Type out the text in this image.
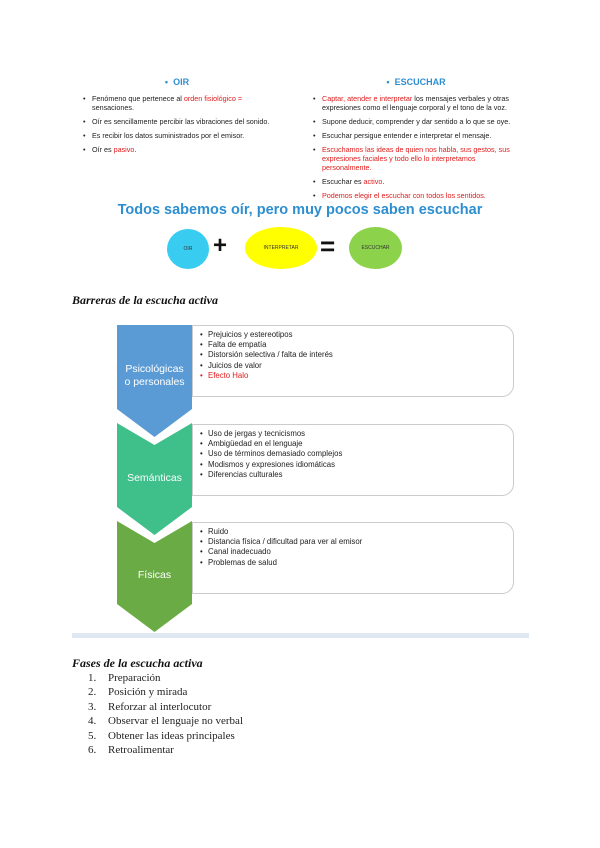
• OIR
• Fenómeno que pertenece al orden fisiológico = sensaciones.
• Oír es sencillamente percibir las vibraciones del sonido.
• Es recibir los datos suministrados por el emisor.
• Oír es pasivo.
• ESCUCHAR
• Captar, atender e interpretar los mensajes verbales y otras expresiones como el lenguaje corporal y el tono de la voz.
• Supone deducir, comprender y dar sentido a lo que se oye.
• Escuchar persigue entender e interpretar el mensaje.
• Escuchamos las ideas de quien nos habla, sus gestos, sus expresiones faciales y todo ello lo interpretamos personalmente.
• Escuchar es activo.
• Podemos elegir el escuchar con todos los sentidos.
Todos sabemos oír, pero muy pocos saben escuchar
OIR +	INTERPRETAR =	ESCUCHAR
Barreras de la escucha activa
Psicológicas
o personales
• Prejuicios y estereotipos
• Falta de empatía
• Distorsión selectiva / falta de interés
• Juicios de valor
• Efecto Halo
Semánticas
• Uso de jergas y tecnicismos
• Ambigüedad en el lenguaje
• Uso de términos demasiado complejos
• Modismos y expresiones idiomáticas
• Diferencias culturales
Físicas
• Ruido
• Distancia física / dificultad para ver al emisor
• Canal inadecuado
• Problemas de salud
Fases de la escucha activa
1.	Preparación
2.	Posición y mirada
3.	Reforzar al interlocutor
4.	Observar el lenguaje no verbal
5.	Obtener las ideas principales
6.	Retroalimentar
